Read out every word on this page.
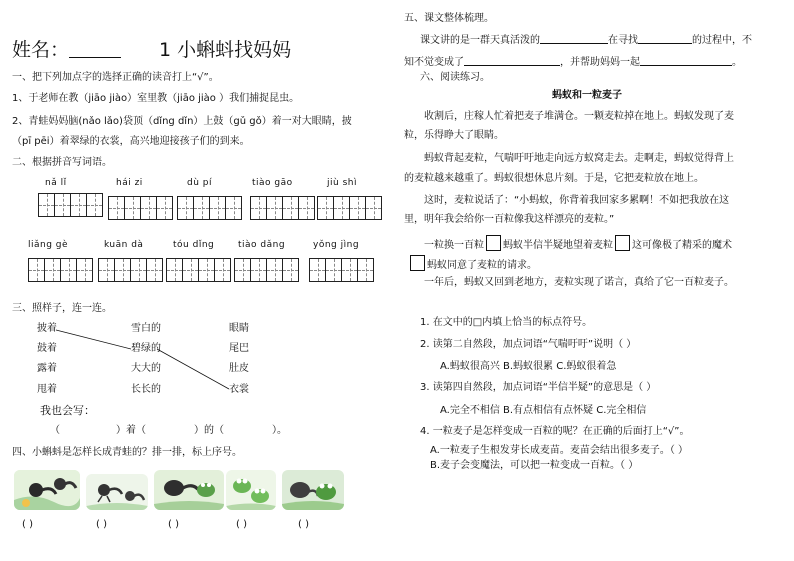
姓名：	1 小蝌蚪找妈妈
一、把下列加点字的选择正确的读音打上“√”。
1、于老师在教（jiāo jiào）室里教（jiāo jiào ）我们捕捉昆虫。
2、青蛙妈妈脑(nǎo lǎo)袋顶（dǐng dǐn）上鼓（gǔ gǒ）着一对大眼睛，披
（pī pēi）着翠绿的衣裳，高兴地迎接孩子们的到来。
二、根据拼音写词语。
nǎ lǐ	hái zi	dù pí	tiào gāo	jiù shì
liǎng gè	kuān dà	tóu dǐng	tiào dǎng	yǒng jìng
三、照样子，连一连。
披着
鼓着
露着
甩着
雪白的
碧绿的
大大的
长长的
眼睛
尾巴
肚皮
衣裳
我也会写：
（	）着（	）的（	）。
四、小蝌蚪是怎样长成青蛙的？排一排，标上序号。
( )	( )	( )	( )	( )
五、课文整体梳理。
课文讲的是一群天真活泼的	在寻找	的过程中，不
知不觉变成了	，并帮助妈妈一起	。
六、阅读练习。
蚂蚁和一粒麦子
收割后，庄稼人忙着把麦子堆满仓。一颗麦粒掉在地上。蚂蚁发现了麦
粒，乐得睁大了眼睛。
蚂蚁背起麦粒，气喘吁吁地走向远方蚁窝走去。走啊走，蚂蚁觉得背上
的麦粒越来越重了。蚂蚁很想休息片刻。于是，它把麦粒放在地上。
这时，麦粒说话了：“小蚂蚁，你背着我回家多累啊！不如把我放在这
里，明年我会给你一百粒像我这样漂亮的麦粒。”
一粒换一百粒 蚂蚁半信半疑地望着麦粒 这可像极了精采的魔术
蚂蚁同意了麦粒的请求。
一年后，蚂蚁又回到老地方，麦粒实现了诺言，真给了它一百粒麦子。
1. 在文中的□内填上恰当的标点符号。
2. 读第二自然段，加点词语“气喘吁吁”说明（ ）
A.蚂蚁很高兴 B.蚂蚁很累 C.蚂蚁很着急
3. 读第四自然段，加点词语“半信半疑”的意思是（ ）
A.完全不相信 B.有点相信有点怀疑 C.完全相信
4. 一粒麦子是怎样变成一百粒的呢？在正确的后面打上“√”。
A.一粒麦子生根发芽长成麦苗。麦苗会结出很多麦子。（ ）
B.麦子会变魔法，可以把一粒变成一百粒。（ ）
